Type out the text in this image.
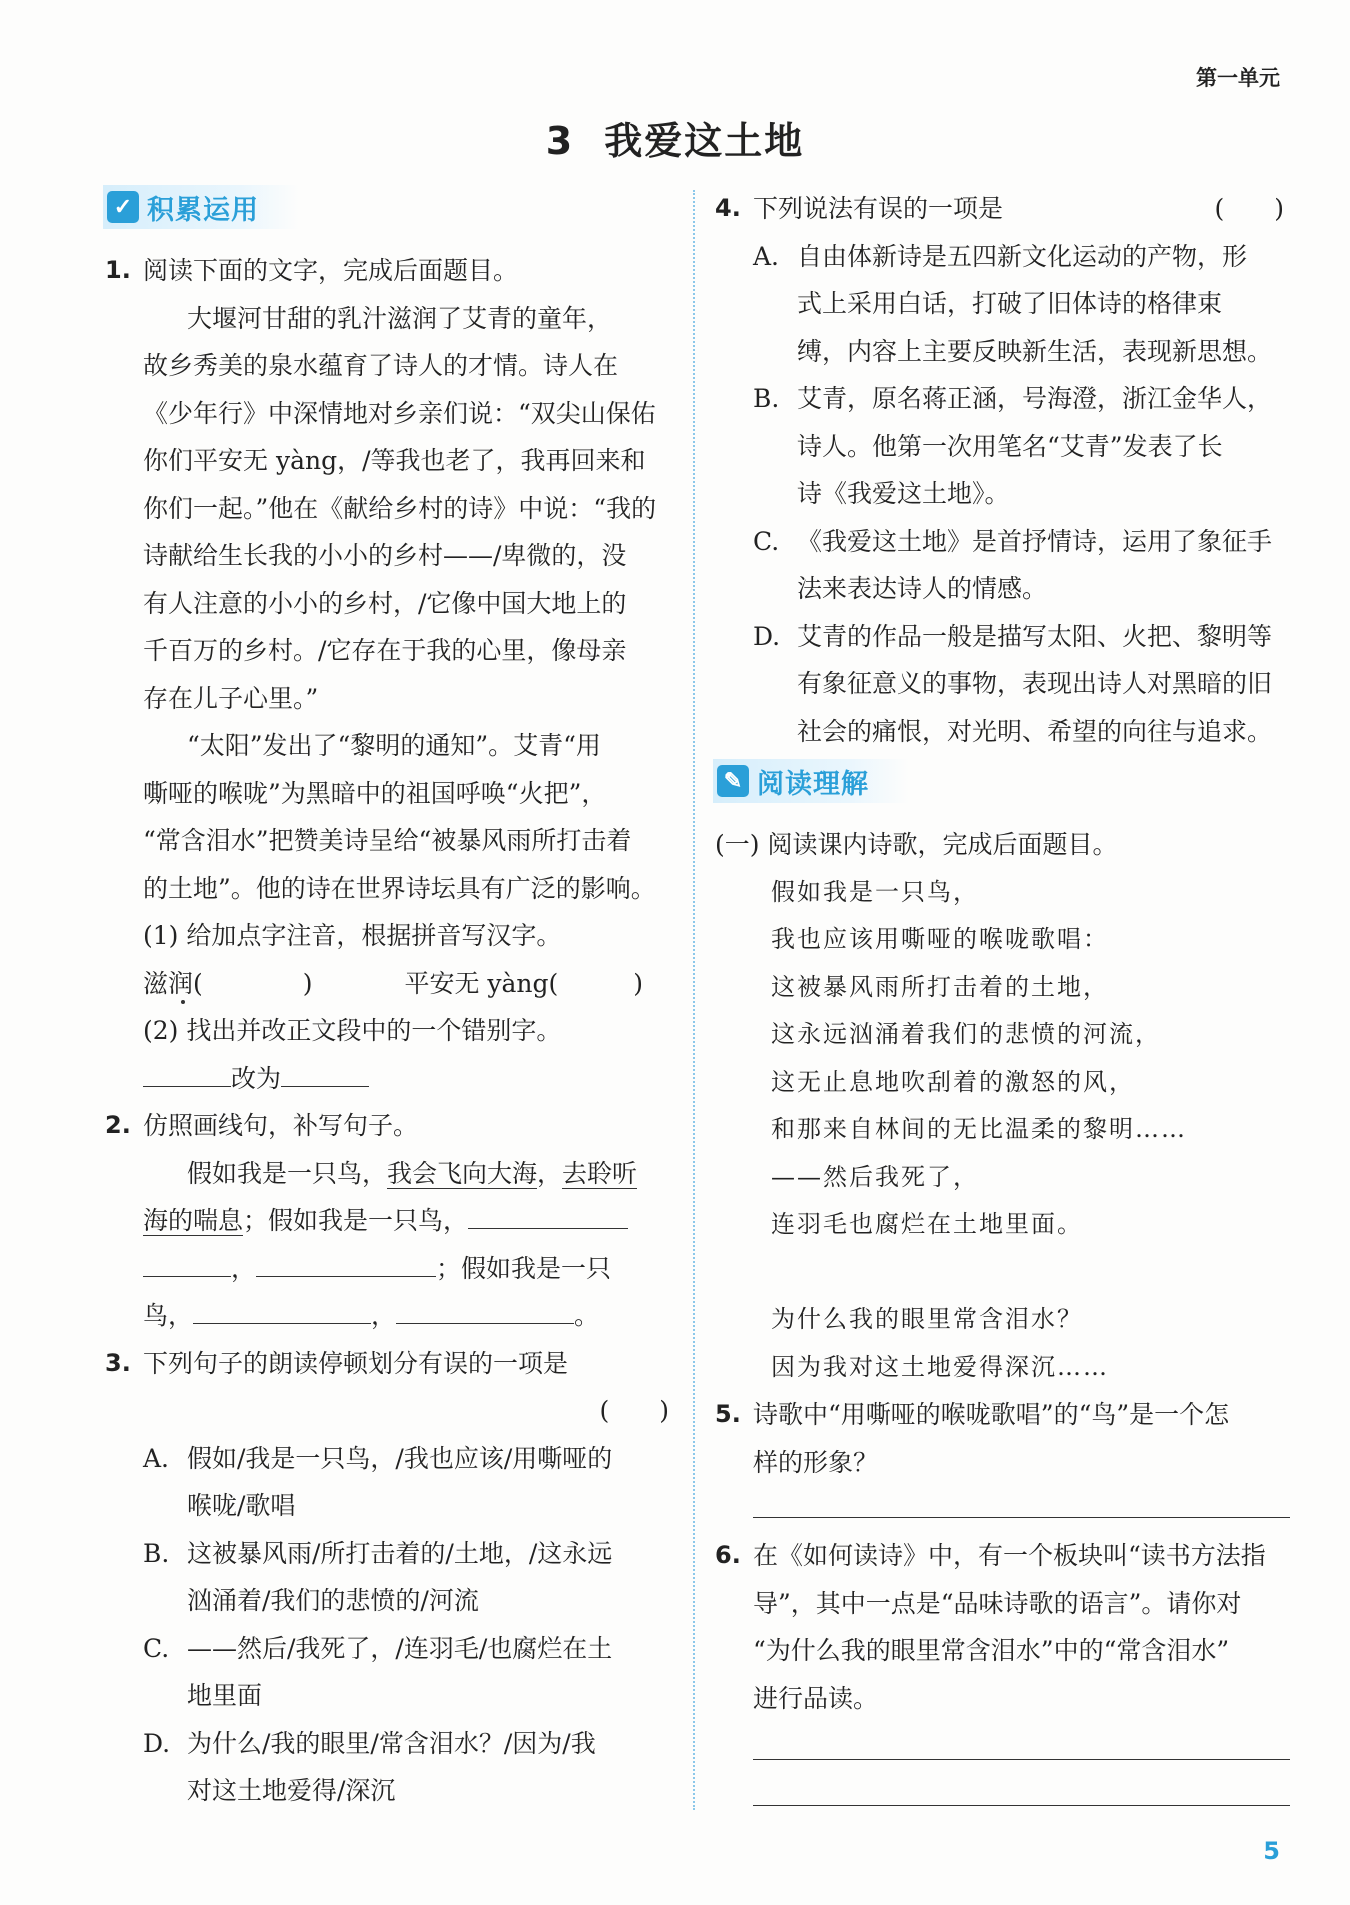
第一单元
3 我爱这土地
✓ 积累运用
1. 阅读下面的文字，完成后面题目。
大堰河甘甜的乳汁滋润了艾青的童年，
故乡秀美的泉水蕴育了诗人的才情。诗人在
《少年行》中深情地对乡亲们说：“双尖山保佑
你们平安无 yàng，/等我也老了，我再回来和
你们一起。”他在《献给乡村的诗》中说：“我的
诗献给生长我的小小的乡村——/卑微的，没
有人注意的小小的乡村，/它像中国大地上的
千百万的乡村。/它存在于我的心里，像母亲
存在儿子心里。”
“太阳”发出了“黎明的通知”。艾青“用
嘶哑的喉咙”为黑暗中的祖国呼唤“火把”，
“常含泪水”把赞美诗呈给“被暴风雨所打击着
的土地”。他的诗在世界诗坛具有广泛的影响。
(1) 给加点字注音，根据拼音写汉字。
滋润(　　　　)	平安无 yàng(　　　)
(2) 找出并改正文段中的一个错别字。
改为
2. 仿照画线句，补写句子。
假如我是一只鸟，我会飞向大海，去聆听
海的喘息；假如我是一只鸟，
，	；假如我是一只
鸟，	，	。
3. 下列句子的朗读停顿划分有误的一项是
(　　)
A. 假如/我是一只鸟，/我也应该/用嘶哑的
喉咙/歌唱
B. 这被暴风雨/所打击着的/土地，/这永远
汹涌着/我们的悲愤的/河流
C. ——然后/我死了，/连羽毛/也腐烂在土
地里面
D. 为什么/我的眼里/常含泪水？/因为/我
对这土地爱得/深沉
4. 下列说法有误的一项是	(　　)
A. 自由体新诗是五四新文化运动的产物，形
式上采用白话，打破了旧体诗的格律束
缚，内容上主要反映新生活，表现新思想。
B. 艾青，原名蒋正涵，号海澄，浙江金华人，
诗人。他第一次用笔名“艾青”发表了长
诗《我爱这土地》。
C. 《我爱这土地》是首抒情诗，运用了象征手
法来表达诗人的情感。
D. 艾青的作品一般是描写太阳、火把、黎明等
有象征意义的事物，表现出诗人对黑暗的旧
社会的痛恨，对光明、希望的向往与追求。
✎ 阅读理解
(一) 阅读课内诗歌，完成后面题目。
假如我是一只鸟，
我也应该用嘶哑的喉咙歌唱：
这被暴风雨所打击着的土地，
这永远汹涌着我们的悲愤的河流，
这无止息地吹刮着的激怒的风，
和那来自林间的无比温柔的黎明……
——然后我死了，
连羽毛也腐烂在土地里面。
为什么我的眼里常含泪水？
因为我对这土地爱得深沉……
5. 诗歌中“用嘶哑的喉咙歌唱”的“鸟”是一个怎
样的形象？
6. 在《如何读诗》中，有一个板块叫“读书方法指
导”，其中一点是“品味诗歌的语言”。请你对
“为什么我的眼里常含泪水”中的“常含泪水”
进行品读。
5
